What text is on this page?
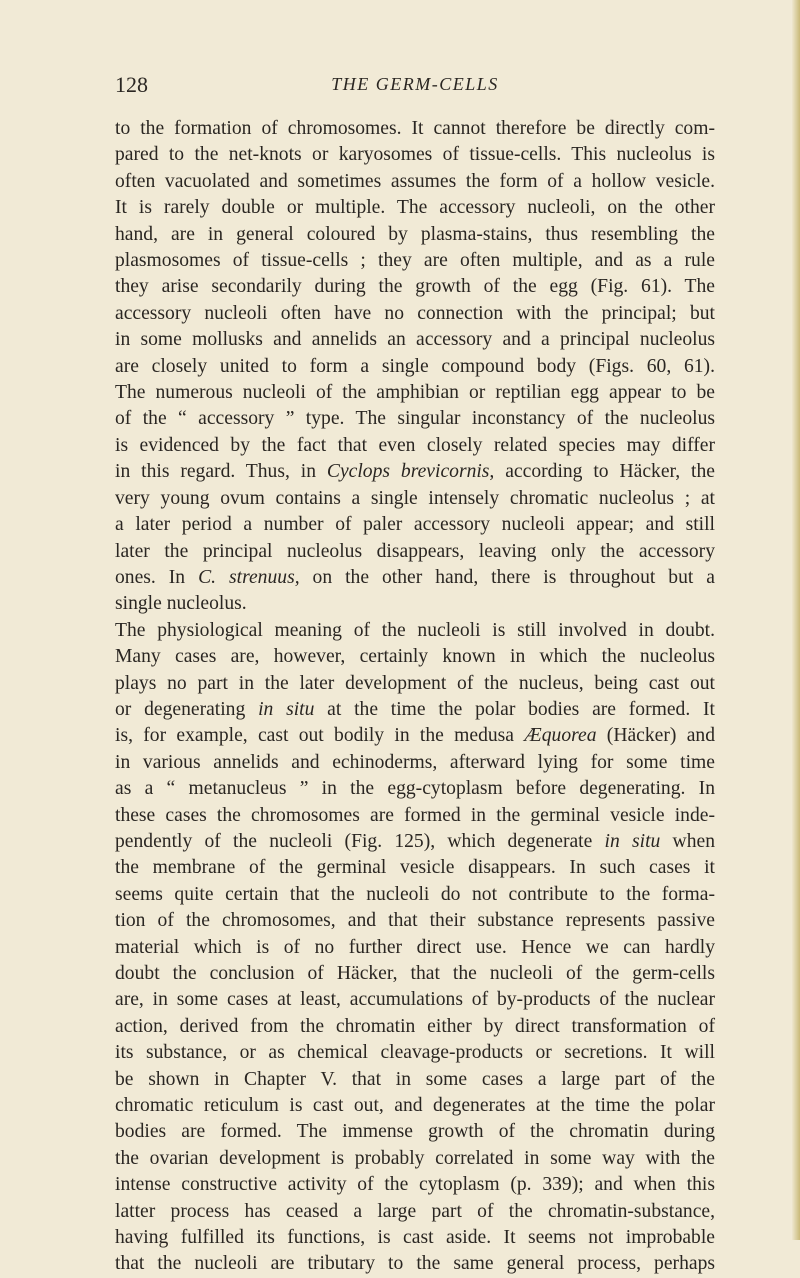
128	THE GERM-CELLS
to the formation of chromosomes. It cannot therefore be directly com-
pared to the net-knots or karyosomes of tissue-cells. This nucleolus is
often vacuolated and sometimes assumes the form of a hollow vesicle.
It is rarely double or multiple. The accessory nucleoli, on the other
hand, are in general coloured by plasma-stains, thus resembling the
plasmosomes of tissue-cells ; they are often multiple, and as a rule
they arise secondarily during the growth of the egg (Fig. 61). The
accessory nucleoli often have no connection with the principal; but
in some mollusks and annelids an accessory and a principal nucleolus
are closely united to form a single compound body (Figs. 60, 61).
The numerous nucleoli of the amphibian or reptilian egg appear to be
of the “ accessory ” type. The singular inconstancy of the nucleolus
is evidenced by the fact that even closely related species may differ
in this regard. Thus, in Cyclops brevicornis, according to Häcker, the
very young ovum contains a single intensely chromatic nucleolus ; at
a later period a number of paler accessory nucleoli appear; and still
later the principal nucleolus disappears, leaving only the accessory
ones. In C. strenuus, on the other hand, there is throughout but a
single nucleolus.
The physiological meaning of the nucleoli is still involved in doubt.
Many cases are, however, certainly known in which the nucleolus
plays no part in the later development of the nucleus, being cast out
or degenerating in situ at the time the polar bodies are formed. It
is, for example, cast out bodily in the medusa Æquorea (Häcker) and
in various annelids and echinoderms, afterward lying for some time
as a “ metanucleus ” in the egg-cytoplasm before degenerating. In
these cases the chromosomes are formed in the germinal vesicle inde-
pendently of the nucleoli (Fig. 125), which degenerate in situ when
the membrane of the germinal vesicle disappears. In such cases it
seems quite certain that the nucleoli do not contribute to the forma-
tion of the chromosomes, and that their substance represents passive
material which is of no further direct use. Hence we can hardly
doubt the conclusion of Häcker, that the nucleoli of the germ-cells
are, in some cases at least, accumulations of by-products of the nuclear
action, derived from the chromatin either by direct transformation of
its substance, or as chemical cleavage-products or secretions. It will
be shown in Chapter V. that in some cases a large part of the
chromatic reticulum is cast out, and degenerates at the time the polar
bodies are formed. The immense growth of the chromatin during
the ovarian development is probably correlated in some way with the
intense constructive activity of the cytoplasm (p. 339); and when this
latter process has ceased a large part of the chromatin-substance,
having fulfilled its functions, is cast aside. It seems not improbable
that the nucleoli are tributary to the same general process, perhaps
